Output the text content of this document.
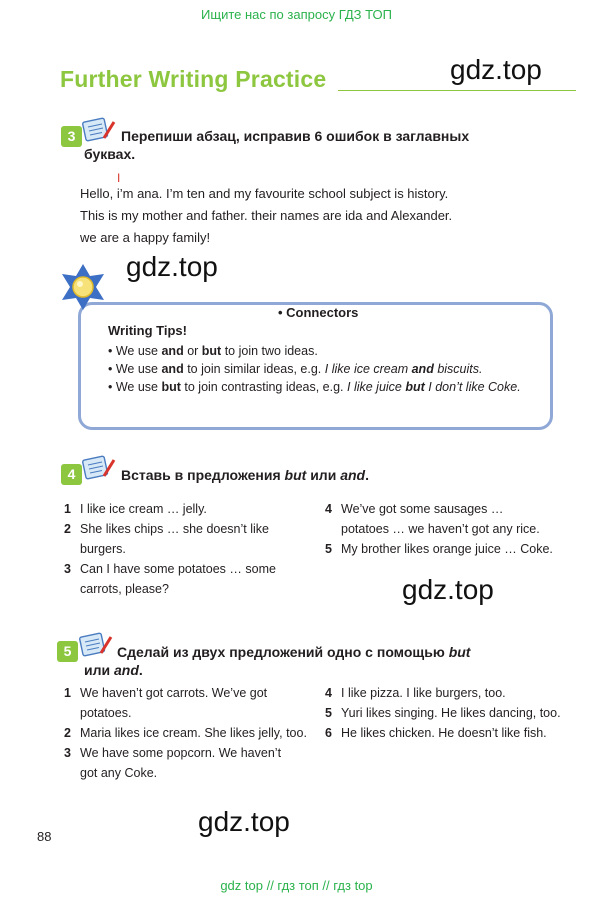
Ищите нас по запросу ГДЗ ТОП
Further Writing Practice	gdz.top
3	Перепиши абзац, исправив 6 ошибок в заглавных
буквах.
I
Hello, i’m ana. I’m ten and my favourite school subject is history.
This is my mother and father. their names are ida and Alexander.
we are a happy family!
gdz.top
• Connectors
Writing Tips!
• We use and or but to join two ideas.
• We use and to join similar ideas, e.g. I like ice cream and biscuits.
• We use but to join contrasting ideas, e.g. I like juice but I don’t like Coke.
4	Вставь в предложения but или and.
1 I like ice cream … jelly.
2 She likes chips … she doesn’t like
burgers.
3 Can I have some potatoes … some
carrots, please?
4 We’ve got some sausages …
potatoes … we haven’t got any rice.
5 My brother likes orange juice … Coke.
gdz.top
5	Сделай из двух предложений одно с помощью but
или and.
1 We haven’t got carrots. We’ve got
potatoes.
2 Maria likes ice cream. She likes jelly, too.
3 We have some popcorn. We haven’t
got any Coke.
4 I like pizza. I like burgers, too.
5 Yuri likes singing. He likes dancing, too.
6 He likes chicken. He doesn’t like fish.
gdz.top
88
gdz top // гдз топ // гдз top
